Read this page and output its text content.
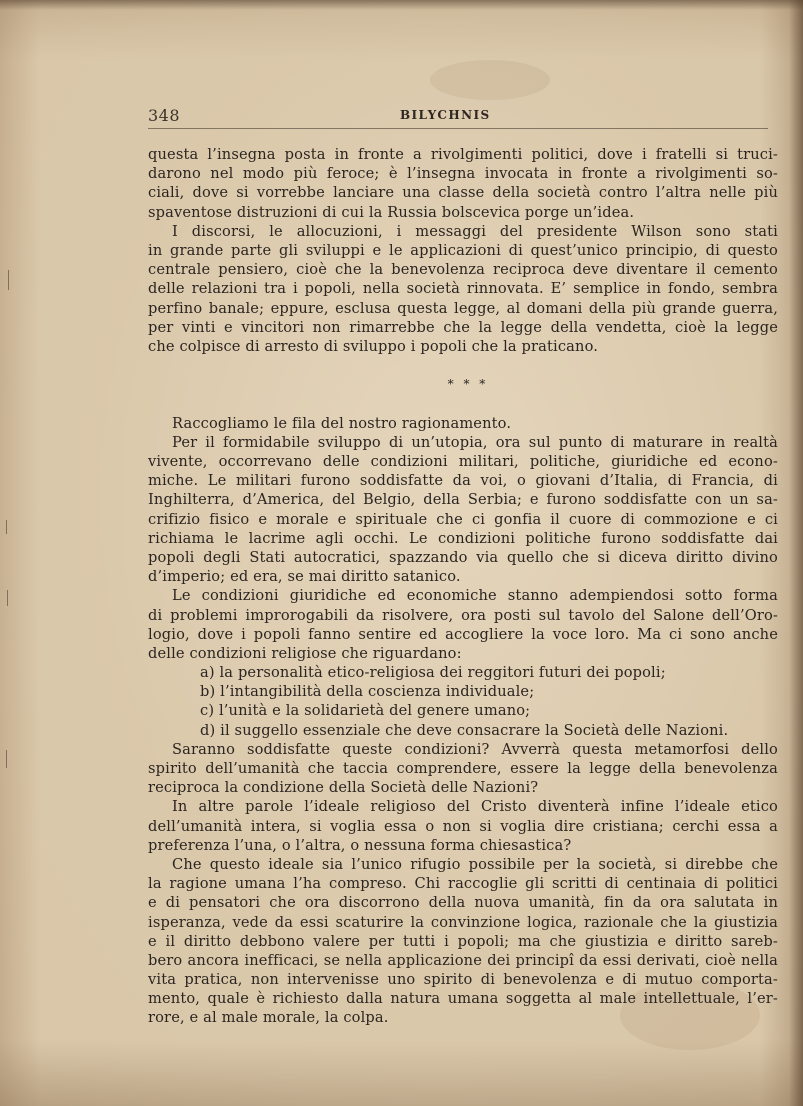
348	BILYCHNIS
questa l’insegna posta in fronte a rivolgimenti politici, dove i fratelli si truci-
darono nel modo più feroce; è l’insegna invocata in fronte a rivolgimenti so-
ciali, dove si vorrebbe lanciare una classe della società contro l’altra nelle più
spaventose distruzioni di cui la Russia bolscevica porge un’idea.
I discorsi, le allocuzioni, i messaggi del presidente Wilson sono stati
in grande parte gli sviluppi e le applicazioni di quest’unico principio, di questo
centrale pensiero, cioè che la benevolenza reciproca deve diventare il cemento
delle relazioni tra i popoli, nella società rinnovata. E’ semplice in fondo, sembra
perfino banale; eppure, esclusa questa legge, al domani della più grande guerra,
per vinti e vincitori non rimarrebbe che la legge della vendetta, cioè la legge
che colpisce di arresto di sviluppo i popoli che la praticano.
* * *
Raccogliamo le fila del nostro ragionamento.
Per il formidabile sviluppo di un’utopia, ora sul punto di maturare in realtà
vivente, occorrevano delle condizioni militari, politiche, giuridiche ed econo-
miche. Le militari furono soddisfatte da voi, o giovani d’Italia, di Francia, di
Inghilterra, d’America, del Belgio, della Serbia; e furono soddisfatte con un sa-
crifizio fisico e morale e spirituale che ci gonfia il cuore di commozione e ci
richiama le lacrime agli occhi. Le condizioni politiche furono soddisfatte dai
popoli degli Stati autocratici, spazzando via quello che si diceva diritto divino
d’imperio; ed era, se mai diritto satanico.
Le condizioni giuridiche ed economiche stanno adempiendosi sotto forma
di problemi improrogabili da risolvere, ora posti sul tavolo del Salone dell’Oro-
logio, dove i popoli fanno sentire ed accogliere la voce loro. Ma ci sono anche
delle condizioni religiose che riguardano:
a) la personalità etico-religiosa dei reggitori futuri dei popoli;
b) l’intangibilità della coscienza individuale;
c) l’unità e la solidarietà del genere umano;
d) il suggello essenziale che deve consacrare la Società delle Nazioni.
Saranno soddisfatte queste condizioni? Avverrà questa metamorfosi dello
spirito dell’umanità che taccia comprendere, essere la legge della benevolenza
reciproca la condizione della Società delle Nazioni?
In altre parole l’ideale religioso del Cristo diventerà infine l’ideale etico
dell’umanità intera, si voglia essa o non si voglia dire cristiana; cerchi essa a
preferenza l’una, o l’altra, o nessuna forma chiesastica?
Che questo ideale sia l’unico rifugio possibile per la società, si direbbe che
la ragione umana l’ha compreso. Chi raccoglie gli scritti di centinaia di politici
e di pensatori che ora discorrono della nuova umanità, fin da ora salutata in
isperanza, vede da essi scaturire la convinzione logica, razionale che la giustizia
e il diritto debbono valere per tutti i popoli; ma che giustizia e diritto sareb-
bero ancora inefficaci, se nella applicazione dei principî da essi derivati, cioè nella
vita pratica, non intervenisse uno spirito di benevolenza e di mutuo comporta-
mento, quale è richiesto dalla natura umana soggetta al male intellettuale, l’er-
rore, e al male morale, la colpa.
